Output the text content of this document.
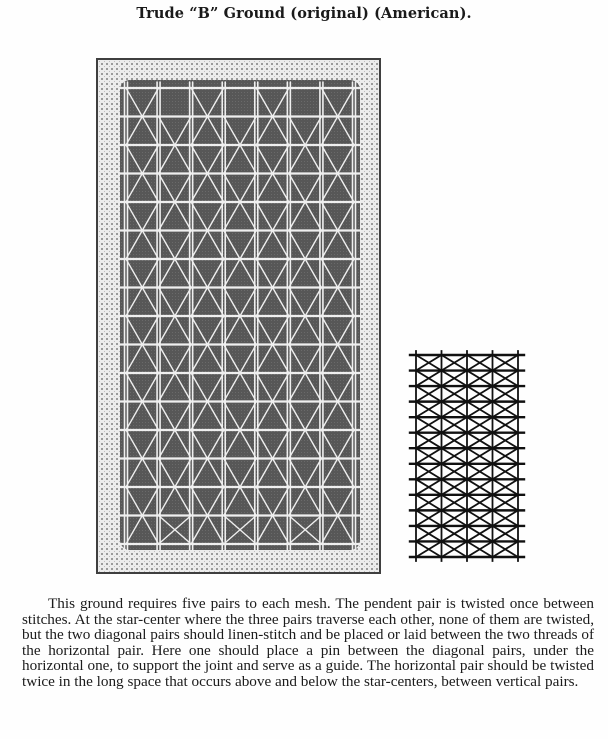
Trude “B” Ground (original) (American).

This ground requires five pairs to each mesh. The pendent pair is twisted once between stitches. At the star-center where the three pairs traverse each other, none of them are twisted, but the two diagonal pairs should linen-stitch and be placed or laid between the two threads of the horizontal pair. Here one should place a pin between the diagonal pairs, under the horizontal one, to support the joint and serve as a guide. The horizontal pair should be twisted twice in the long space that occurs above and below the star-centers, between vertical pairs.
